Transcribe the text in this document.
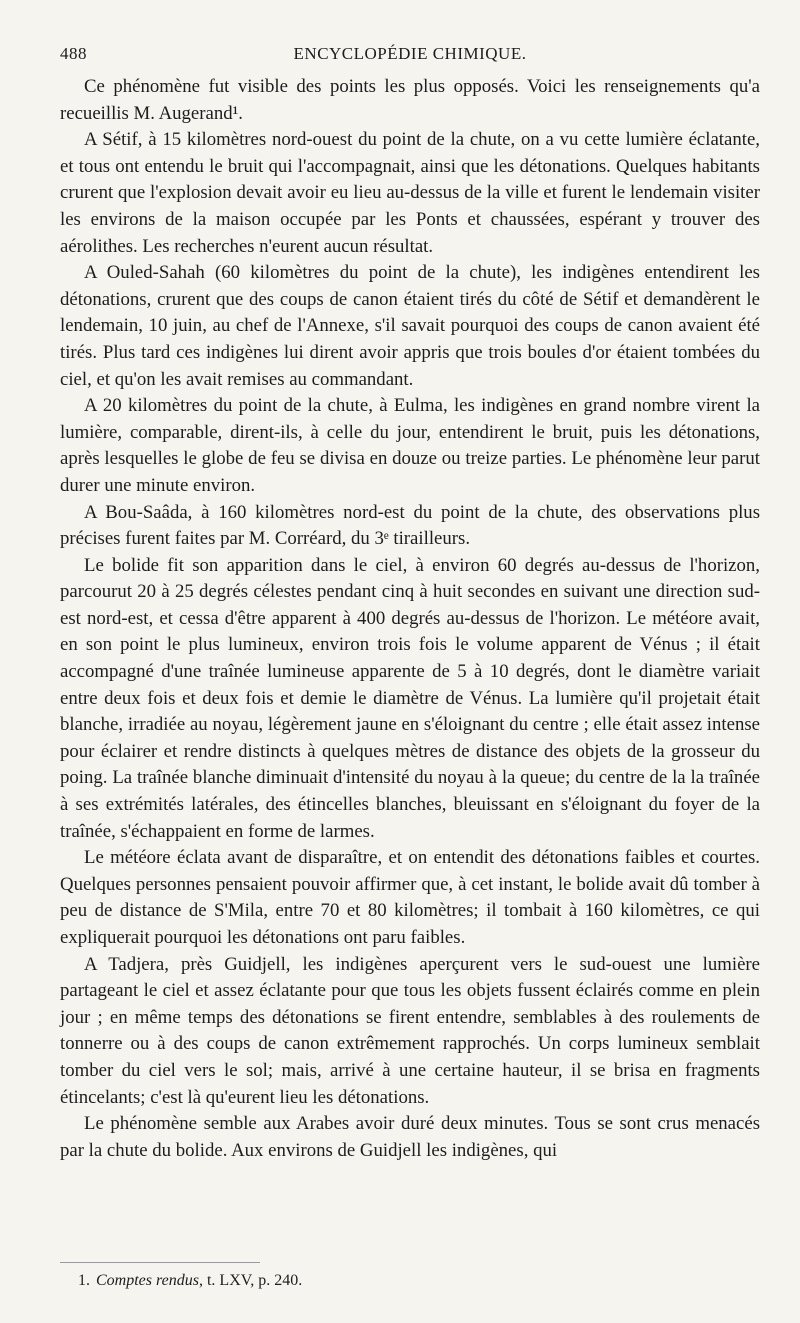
488	ENCYCLOPÉDIE CHIMIQUE.

Ce phénomène fut visible des points les plus opposés. Voici les renseignements qu'a recueillis M. Augerand¹.

A Sétif, à 15 kilomètres nord-ouest du point de la chute, on a vu cette lumière éclatante, et tous ont entendu le bruit qui l'accompagnait, ainsi que les détonations. Quelques habitants crurent que l'explosion devait avoir eu lieu au-dessus de la ville et furent le lendemain visiter les environs de la maison occupée par les Ponts et chaussées, espérant y trouver des aérolithes. Les recherches n'eurent aucun résultat.

A Ouled-Sahah (60 kilomètres du point de la chute), les indigènes entendirent les détonations, crurent que des coups de canon étaient tirés du côté de Sétif et demandèrent le lendemain, 10 juin, au chef de l'Annexe, s'il savait pourquoi des coups de canon avaient été tirés. Plus tard ces indigènes lui dirent avoir appris que trois boules d'or étaient tombées du ciel, et qu'on les avait remises au commandant.

A 20 kilomètres du point de la chute, à Eulma, les indigènes en grand nombre virent la lumière, comparable, dirent-ils, à celle du jour, entendirent le bruit, puis les détonations, après lesquelles le globe de feu se divisa en douze ou treize parties. Le phénomène leur parut durer une minute environ.

A Bou-Saâda, à 160 kilomètres nord-est du point de la chute, des observations plus précises furent faites par M. Corréard, du 3ᵉ tirailleurs.

Le bolide fit son apparition dans le ciel, à environ 60 degrés au-dessus de l'horizon, parcourut 20 à 25 degrés célestes pendant cinq à huit secondes en suivant une direction sud-est nord-est, et cessa d'être apparent à 400 degrés au-dessus de l'horizon. Le météore avait, en son point le plus lumineux, environ trois fois le volume apparent de Vénus ; il était accompagné d'une traînée lumineuse apparente de 5 à 10 degrés, dont le diamètre variait entre deux fois et deux fois et demie le diamètre de Vénus. La lumière qu'il projetait était blanche, irradiée au noyau, légèrement jaune en s'éloignant du centre ; elle était assez intense pour éclairer et rendre distincts à quelques mètres de distance des objets de la grosseur du poing. La traînée blanche diminuait d'intensité du noyau à la queue; du centre de la la traînée à ses extrémités latérales, des étincelles blanches, bleuissant en s'éloignant du foyer de la traînée, s'échappaient en forme de larmes.

Le météore éclata avant de disparaître, et on entendit des détonations faibles et courtes. Quelques personnes pensaient pouvoir affirmer que, à cet instant, le bolide avait dû tomber à peu de distance de S'Mila, entre 70 et 80 kilomètres; il tombait à 160 kilomètres, ce qui expliquerait pourquoi les détonations ont paru faibles.

A Tadjera, près Guidjell, les indigènes aperçurent vers le sud-ouest une lumière partageant le ciel et assez éclatante pour que tous les objets fussent éclairés comme en plein jour ; en même temps des détonations se firent entendre, semblables à des roulements de tonnerre ou à des coups de canon extrêmement rapprochés. Un corps lumineux semblait tomber du ciel vers le sol; mais, arrivé à une certaine hauteur, il se brisa en fragments étincelants; c'est là qu'eurent lieu les détonations.

Le phénomène semble aux Arabes avoir duré deux minutes. Tous se sont crus menacés par la chute du bolide. Aux environs de Guidjell les indigènes, qui

1. Comptes rendus, t. LXV, p. 240.
